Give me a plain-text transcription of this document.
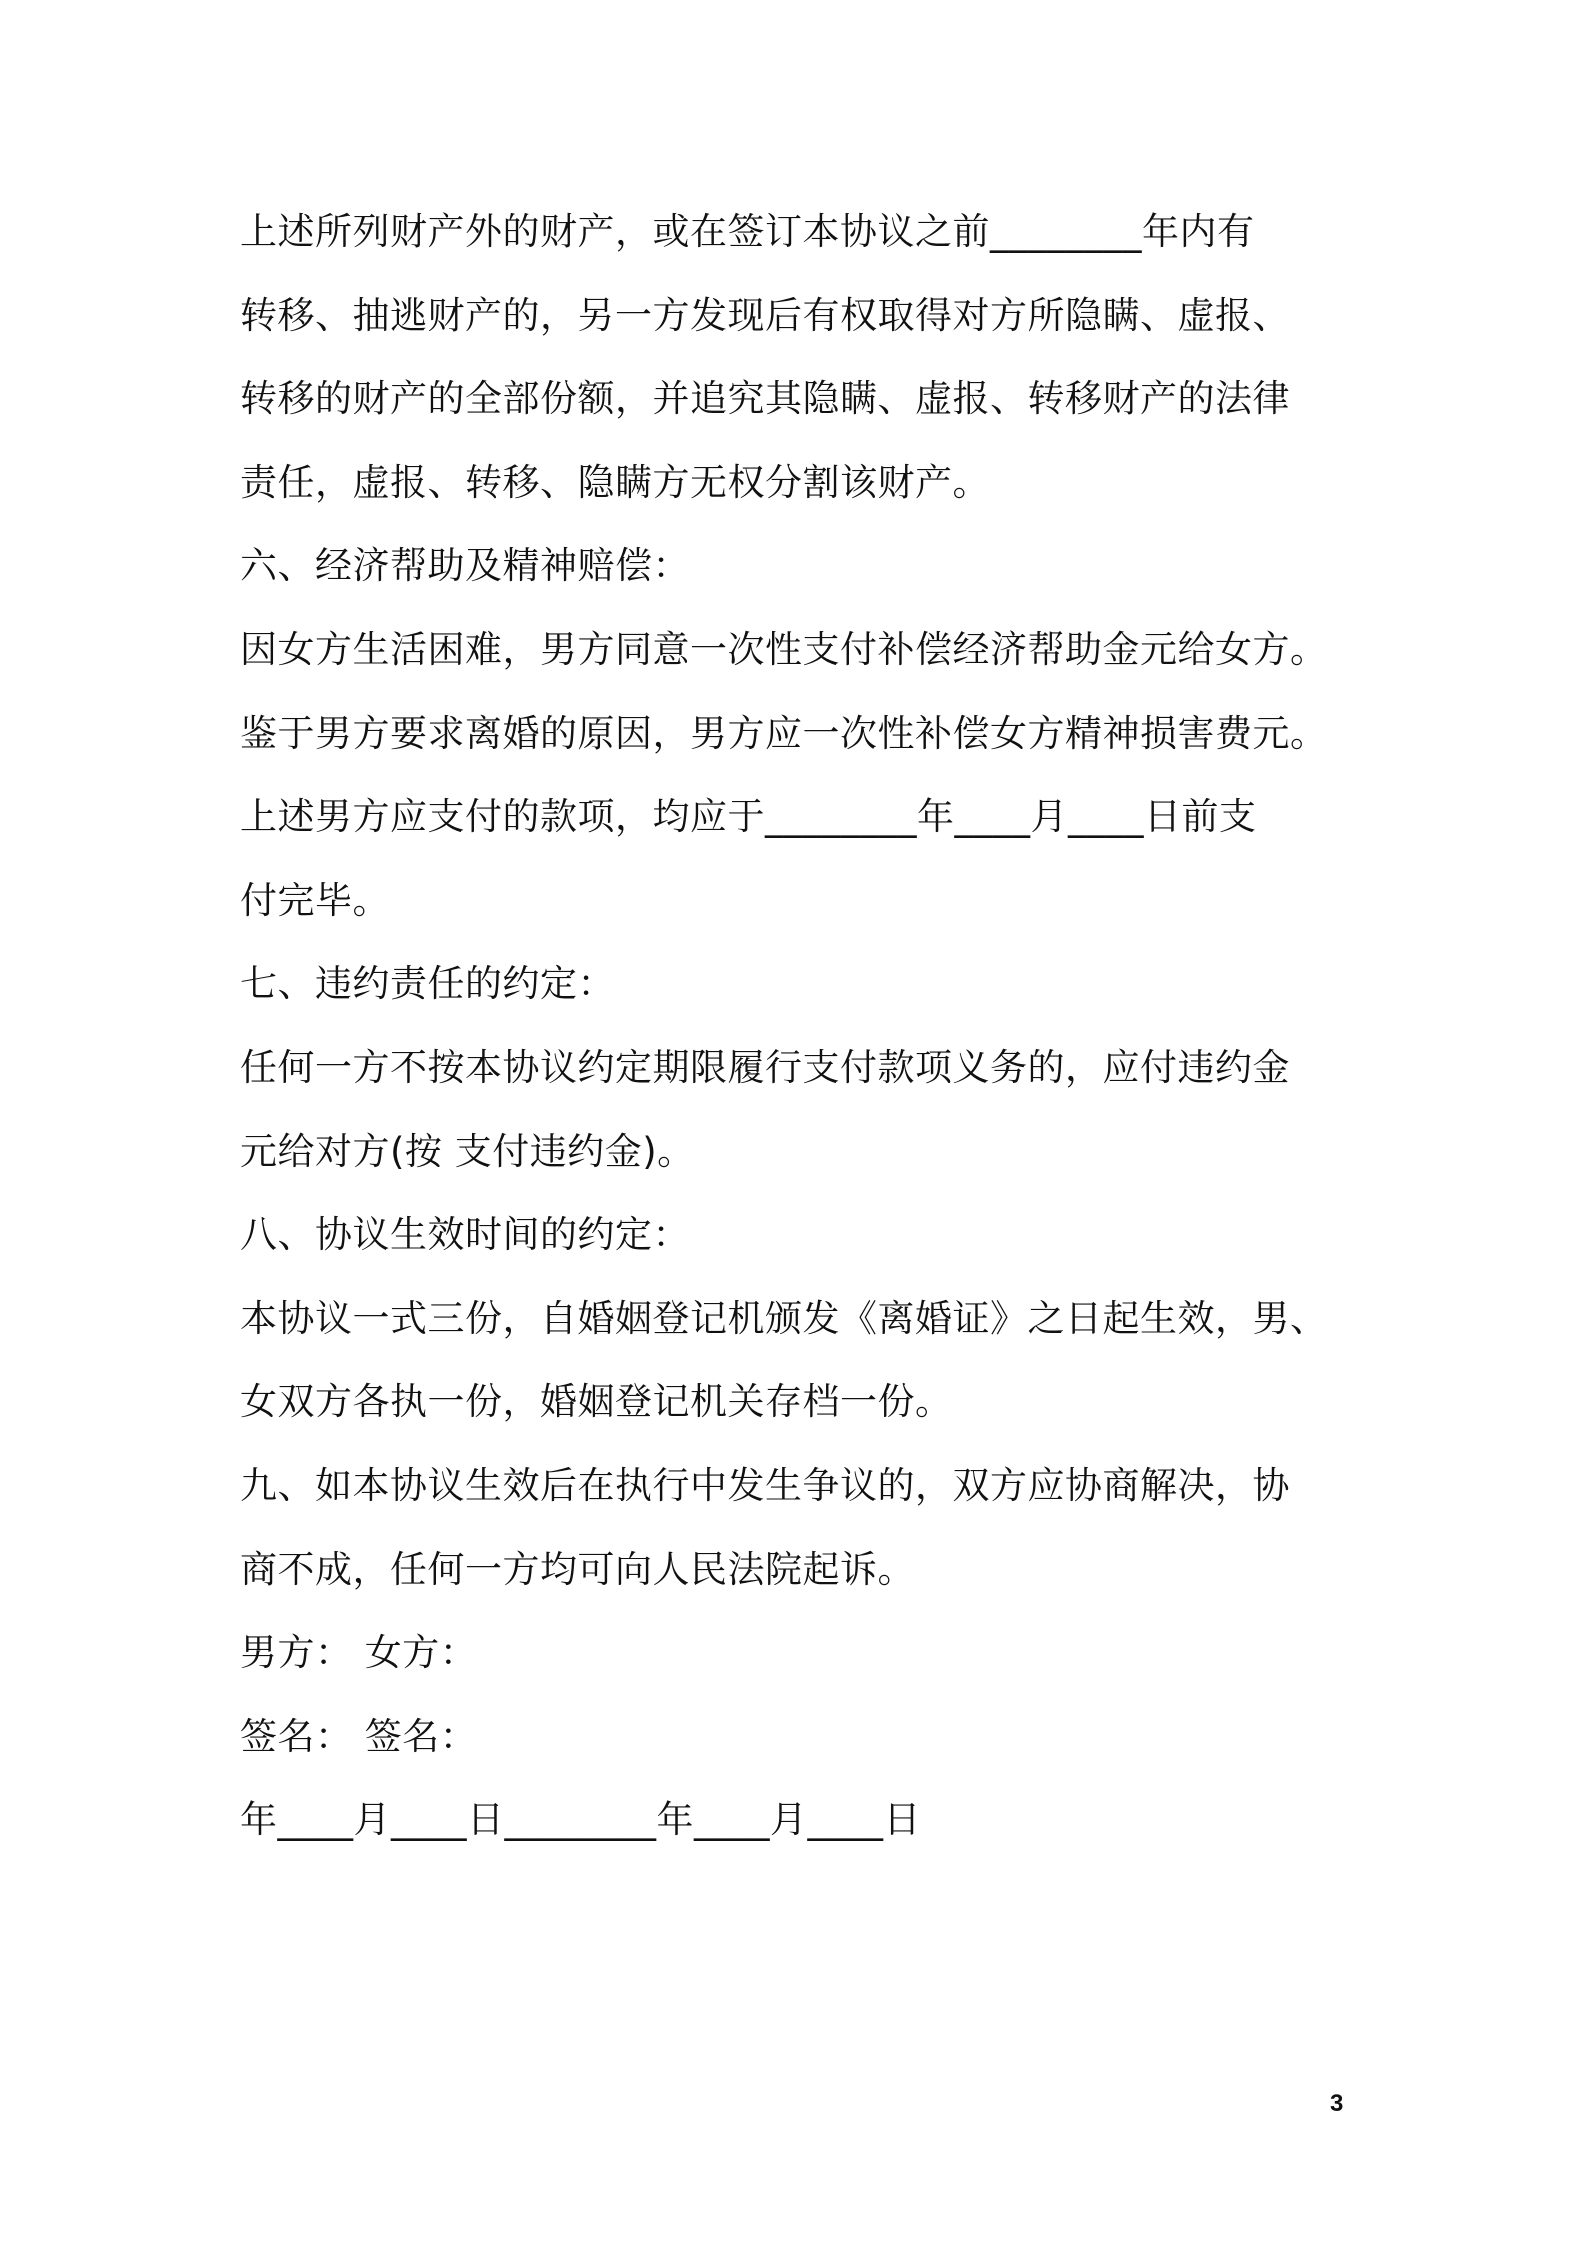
上述所列财产外的财产，或在签订本协议之前________年内有
转移、抽逃财产的，另一方发现后有权取得对方所隐瞒、虚报、
转移的财产的全部份额，并追究其隐瞒、虚报、转移财产的法律
责任，虚报、转移、隐瞒方无权分割该财产。
六、经济帮助及精神赔偿：
因女方生活困难，男方同意一次性支付补偿经济帮助金元给女方。
鉴于男方要求离婚的原因，男方应一次性补偿女方精神损害费元。
上述男方应支付的款项，均应于________年____月____日前支
付完毕。
七、违约责任的约定：
任何一方不按本协议约定期限履行支付款项义务的，应付违约金
元给对方(按 支付违约金)。
八、协议生效时间的约定：
本协议一式三份，自婚姻登记机颁发《离婚证》之日起生效，男、
女双方各执一份，婚姻登记机关存档一份。
九、如本协议生效后在执行中发生争议的，双方应协商解决，协
商不成，任何一方均可向人民法院起诉。
男方： 女方：
签名： 签名：
年____月____日________年____月____日
3
